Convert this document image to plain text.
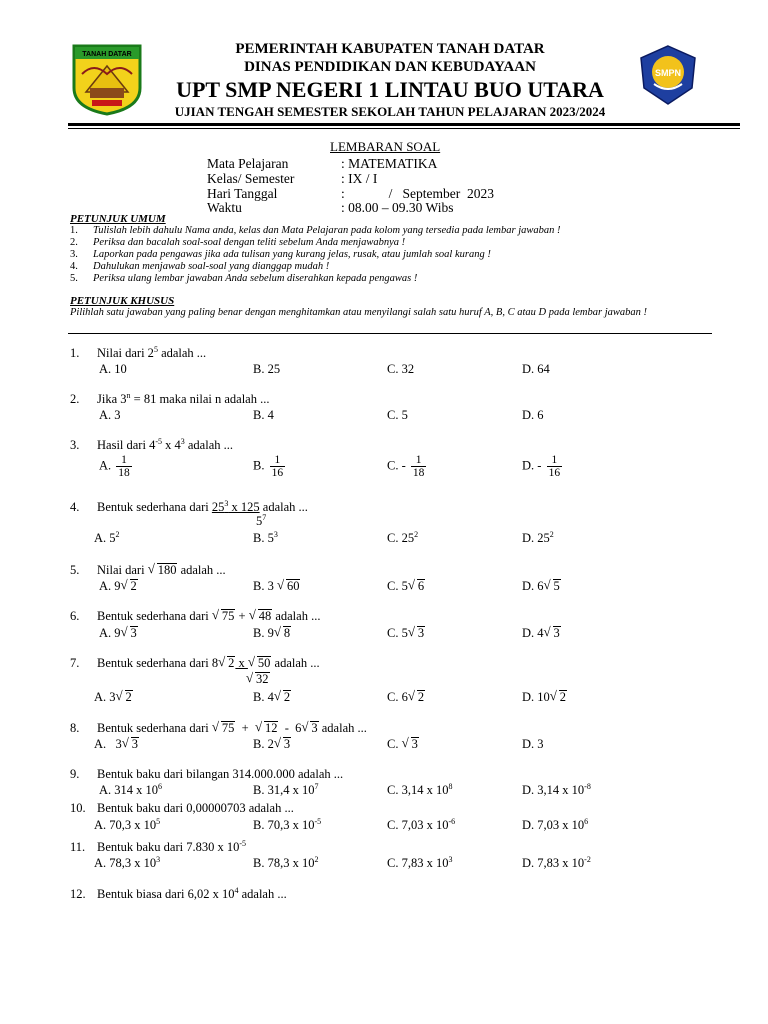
TANAH DATAR
SMPN
PEMERINTAH KABUPATEN TANAH DATAR
DINAS PENDIDIKAN DAN KEBUDAYAAN
UPT SMP NEGERI 1 LINTAU BUO UTARA
UJIAN TENGAH SEMESTER SEKOLAH TAHUN PELAJARAN 2023/2024
LEMBARAN SOAL
Mata Pelajaran	: MATEMATIKA
Kelas/ Semester	: IX / I
Hari Tanggal	:             /   September  2023
Waktu	: 08.00 – 09.30 Wibs
PETUNJUK UMUM
1. Tulislah lebih dahulu Nama anda, kelas dan Mata Pelajaran pada kolom yang tersedia pada lembar jawaban !
2. Periksa dan bacalah soal-soal dengan teliti sebelum Anda menjawabnya !
3. Laporkan pada pengawas jika ada tulisan yang kurang jelas, rusak, atau jumlah soal kurang !
4. Dahulukan menjawab soal-soal yang dianggap mudah !
5. Periksa ulang lembar jawaban Anda sebelum diserahkan kepada pengawas !
PETUNJUK KHUSUS
Pilihlah satu jawaban yang paling benar dengan menghitamkan atau menyilangi salah satu huruf A, B, C atau D pada lembar jawaban !
1. Nilai dari $2^5$ adalah ...
A. 10	B. 25	C. 32	D. 64
2. Jika $3^n = 81$ maka nilai n adalah ...
A. 3	B. 4	C. 5	D. 6
3. Hasil dari $4^{-5}$ x $4^3$ adalah ...
A. $\frac{1}{18}$	B. $\frac{1}{16}$	C. - $\frac{1}{18}$	D. - $\frac{1}{16}$
4. Bentuk sederhana dari $25^3$ x 125 adalah ...
$5^7$
A. $5^2$	B. $5^3$	C. $25^2$	D. $25^2$
5. Nilai dari √ 180 adalah ...
A. 9 √ 2	B. 3 √ 60	C. 5 √ 6	D. 6 √ 5
6. Bentuk sederhana dari √ 75 + √ 48 adalah ...
A. 9 √ 3	B. 9 √ 8	C. 5 √ 3	D. 4 √ 3
7. Bentuk sederhana dari 8 √ 2 x √ 50 adalah ...
√ 32
A. 3 √ 2	B. 4 √ 2	C. 6 √ 2	D. 10 √ 2
8. Bentuk sederhana dari √ 75  + √ 12  -  6 √ 3 adalah ...
A.   3 √ 3	B. 2 √ 3	C. √ 3	D. 3
9. Bentuk baku dari bilangan 314.000.000 adalah ...
A. 314 x $10^6$	B. 31,4 x $10^7$	C. 3,14 x $10^8$	D. 3,14 x $10^{-8}$
10. Bentuk baku dari 0,00000703 adalah ...
A. 70,3 x $10^5$	B. 70,3 x $10^{-5}$	C. 7,03 x $10^{-6}$	D. 7,03 x $10^6$
11. Bentuk baku dari 7.830 x $10^{-5}$
A. 78,3 x $10^3$	B. 78,3 x $10^2$	C. 7,83 x $10^3$	D. 7,83 x $10^{-2}$
12. Bentuk biasa dari 6,02 x $10^4$ adalah ...
